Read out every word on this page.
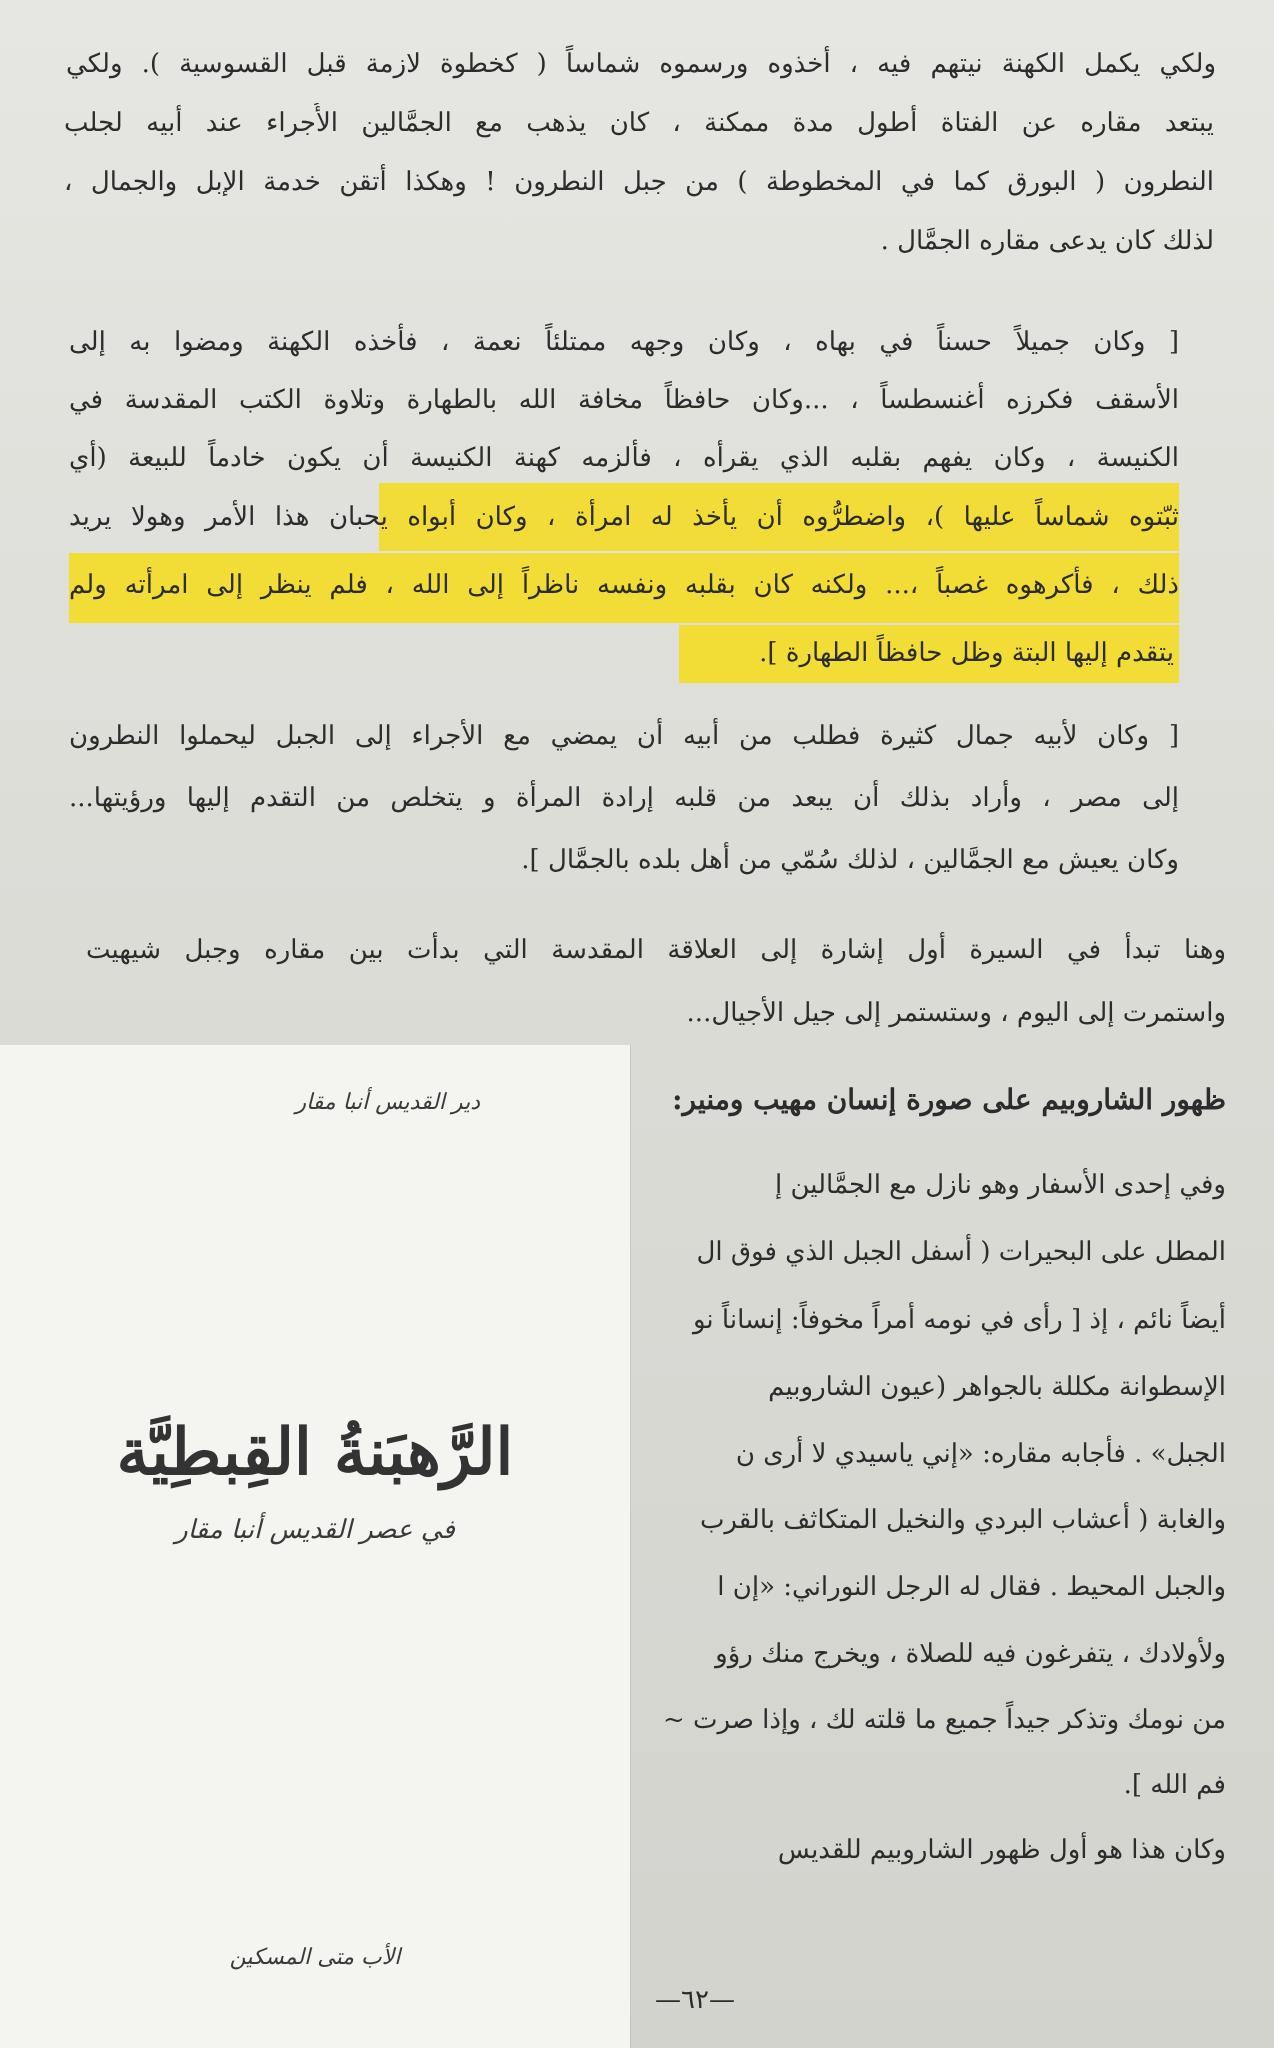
ولكي يكمل الكهنة نيتهم فيه ، أخذوه ورسموه شماساً ( كخطوة لازمة قبل القسوسية ). ولكي
يبتعد مقاره عن الفتاة أطول مدة ممكنة ، كان يذهب مع الجمَّالين الأُجراء عند أبيه لجلب
النطرون ( البورق كما في المخطوطة ) من جبل النطرون ! وهكذا أتقن خدمة الإبل والجمال ،
لذلك كان يدعى مقاره الجمَّال .
[ وكان جميلاً حسناً في بهاه ، وكان وجهه ممتلئاً نعمة ، فأخذه الكهنة ومضوا به إلى
الأسقف فكرزه أغنسطساً ، ...وكان حافظاً مخافة الله بالطهارة وتلاوة الكتب المقدسة في
الكنيسة ، وكان يفهم بقلبه الذي يقرأه ، فألزمه كهنة الكنيسة أن يكون خادماً للبيعة (أي
ثبّتوه شماساً عليها )، واضطرُّوه أن يأخذ له امرأة ، وكان أبواه يحبان هذا الأمر وهولا يريد
ذلك ، فأكرهوه غصباً ،... ولكنه كان بقلبه ونفسه ناظراً إلى الله ، فلم ينظر إلى امرأته ولم
يتقدم إليها البتة وظل حافظاً الطهارة ].
[ وكان لأبيه جمال كثيرة فطلب من أبيه أن يمضي مع الأجراء إلى الجبل ليحملوا النطرون
إلى مصر ، وأراد بذلك أن يبعد من قلبه إرادة المرأة و يتخلص من التقدم إليها ورؤيتها...
وكان يعيش مع الجمَّالين ، لذلك سُمّي من أهل بلده بالجمَّال ].
وهنا تبدأ في السيرة أول إشارة إلى العلاقة المقدسة التي بدأت بين مقاره وجبل شيهيت
واستمرت إلى اليوم ، وستستمر إلى جيل الأجيال...
ظهور الشاروبيم على صورة إنسان مهيب ومنير:
وفي إحدى الأسفار وهو نازل مع الجمَّالين إ
المطل على البحيرات ( أسفل الجبل الذي فوق ال
أيضاً نائم ، إذ [ رأى في نومه أمراً مخوفاً: إنساناً نو
الإسطوانة مكللة بالجواهر (عيون الشاروبيم
الجبل» . فأجابه مقاره: «إني ياسيدي لا أرى ن
والغابة ( أعشاب البردي والنخيل المتكاثف بالقرب
والجبل المحيط . فقال له الرجل النوراني: «إن ا
ولأولادك ، يتفرغون فيه للصلاة ، ويخرج منك رؤو
من نومك وتذكر جيداً جميع ما قلته لك ، وإذا صرت ~
فم الله ].
وكان هذا هو أول ظهور الشاروبيم للقديس
—٦٢—
دير القديس أنبا مقار
الرَّهبَنةُ القِبطِيَّة
في عصر القديس أنبا مقار
الأب متى المسكين
